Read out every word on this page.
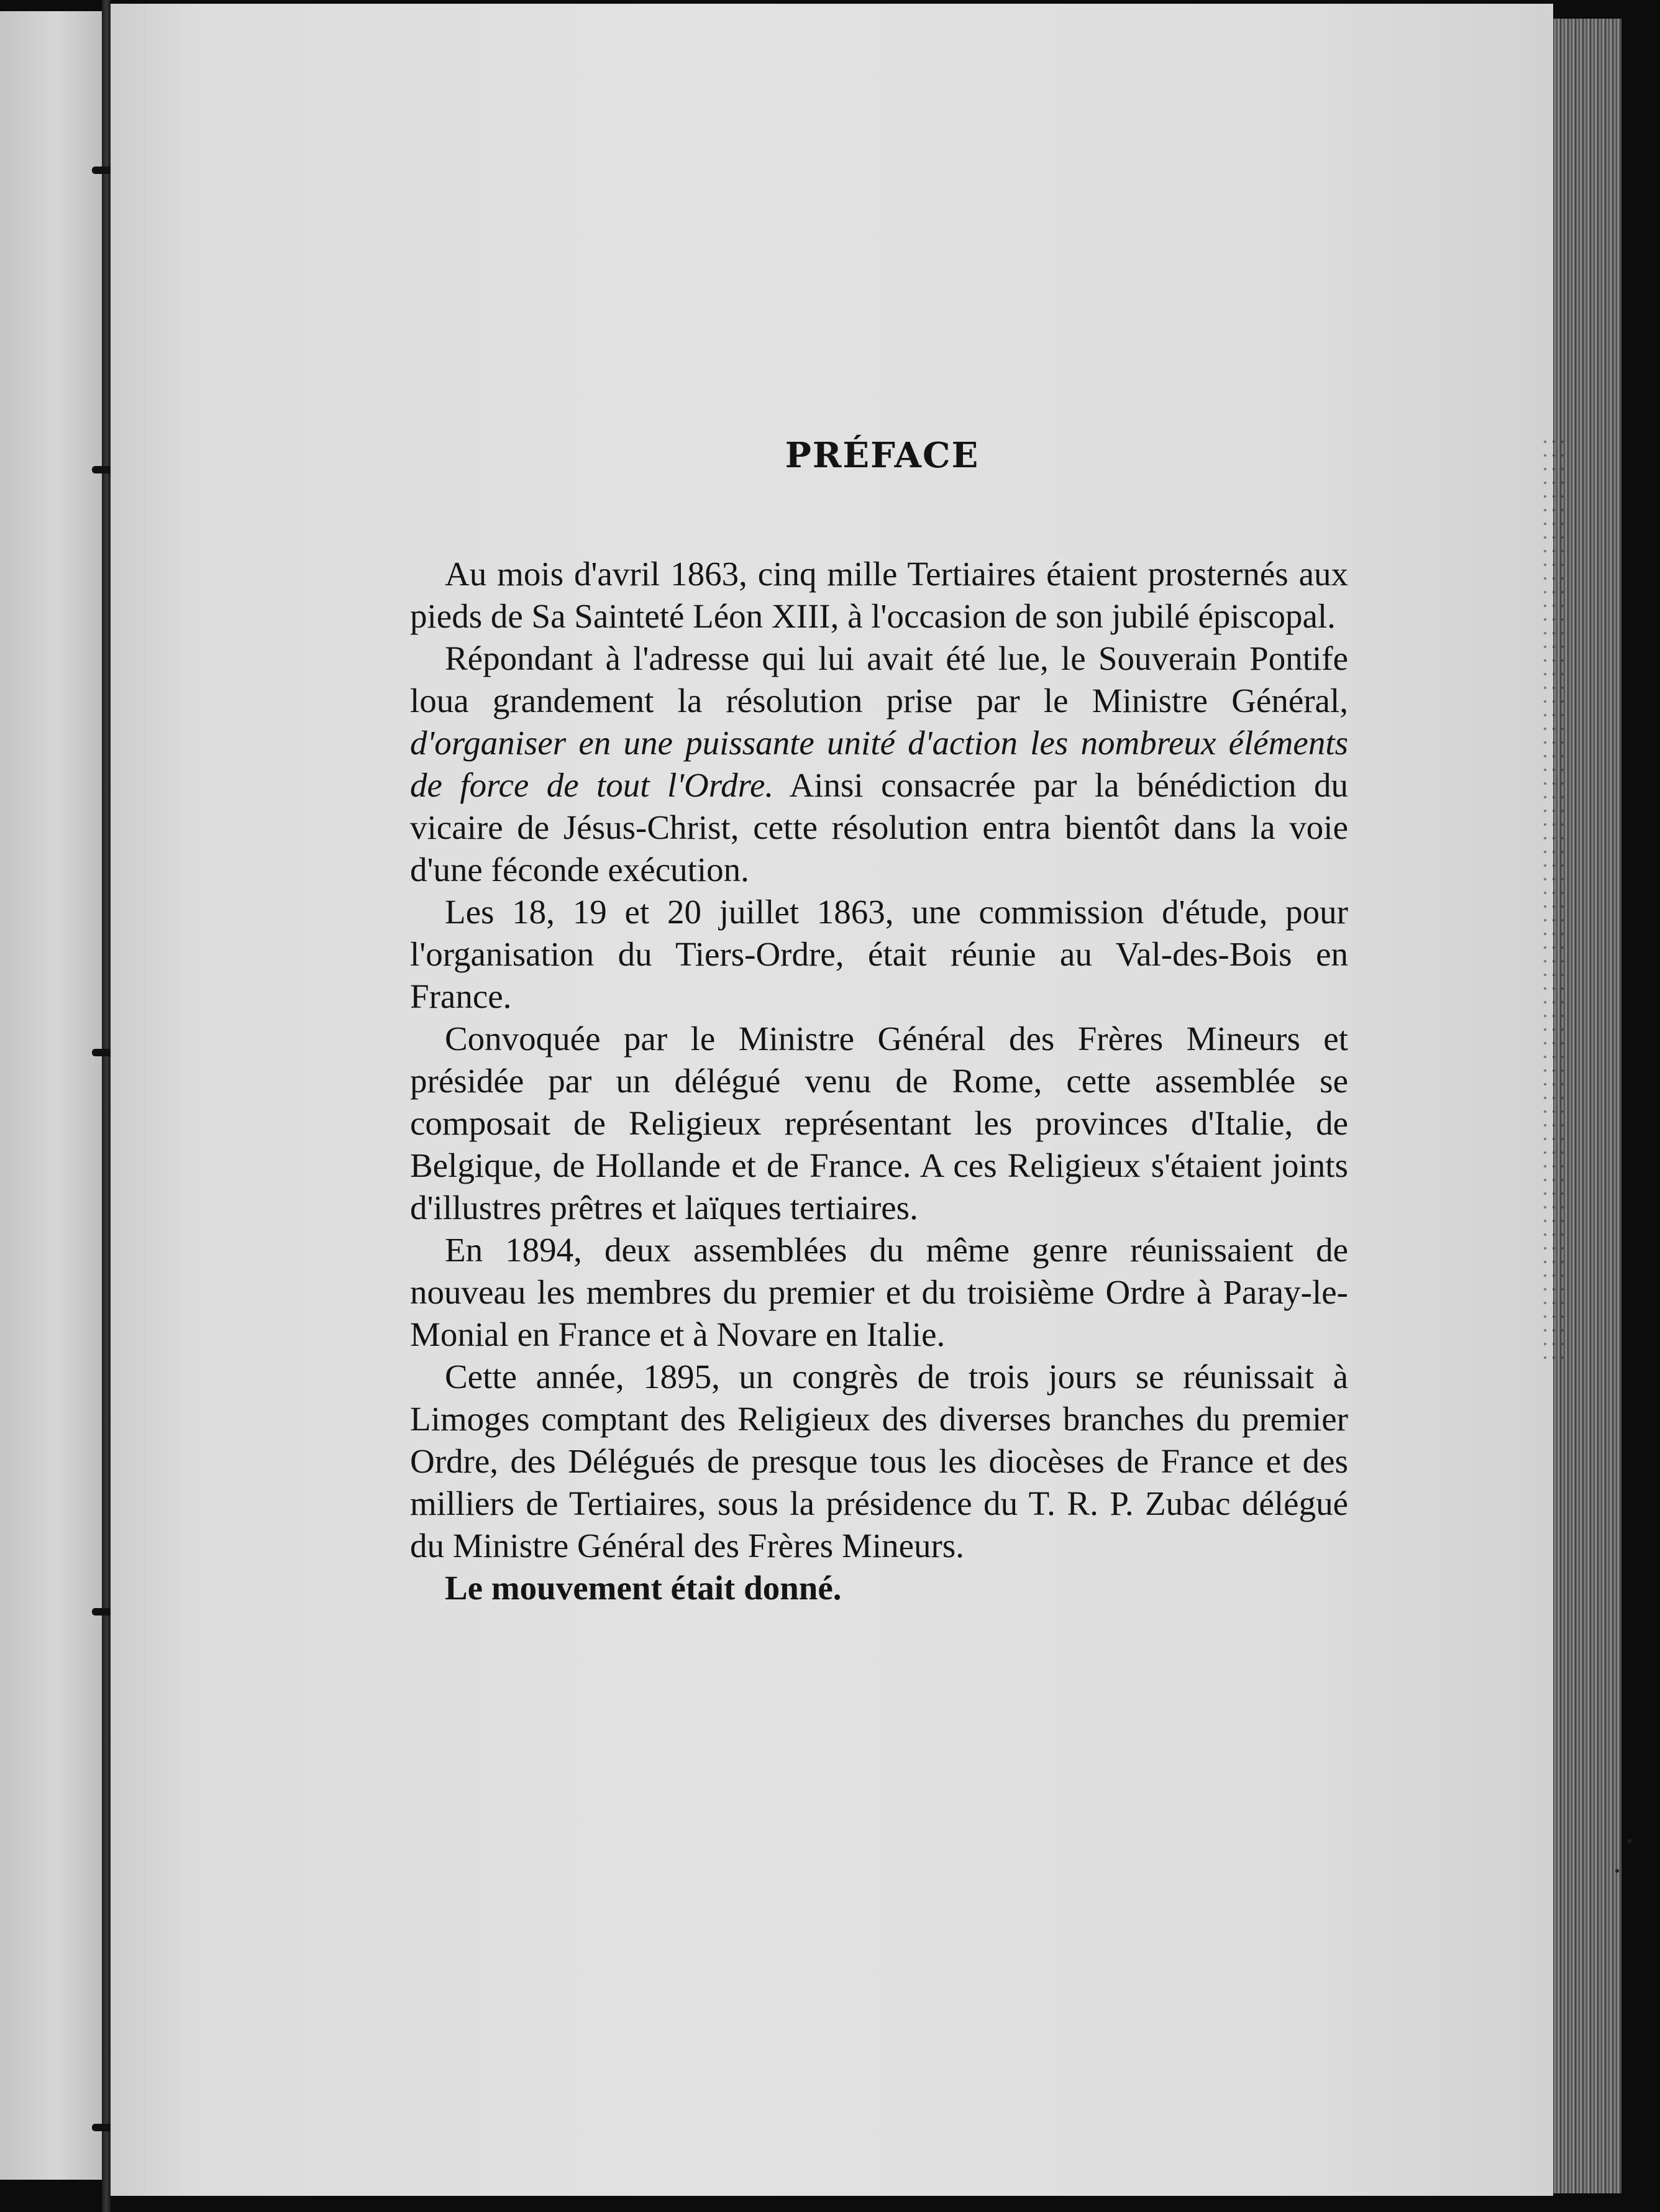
PRÉFACE

Au mois d'avril 1863, cinq mille Tertiaires étaient prosternés aux pieds de Sa Sainteté Léon XIII, à l'occasion de son jubilé épiscopal.

Répondant à l'adresse qui lui avait été lue, le Souverain Pontife loua grandement la résolution prise par le Ministre Général, d'organiser en une puissante unité d'action les nombreux éléments de force de tout l'Ordre. Ainsi consacrée par la bénédiction du vicaire de Jésus-Christ, cette résolution entra bientôt dans la voie d'une féconde exécution.

Les 18, 19 et 20 juillet 1863, une commission d'étude, pour l'organisation du Tiers-Ordre, était réunie au Val-des-Bois en France.

Convoquée par le Ministre Général des Frères Mineurs et présidée par un délégué venu de Rome, cette assemblée se composait de Religieux représentant les provinces d'Italie, de Belgique, de Hollande et de France. A ces Religieux s'étaient joints d'illustres prêtres et laïques tertiaires.

En 1894, deux assemblées du même genre réunissaient de nouveau les membres du premier et du troisième Ordre à Paray-le-Monial en France et à Novare en Italie.

Cette année, 1895, un congrès de trois jours se réunissait à Limoges comptant des Religieux des diverses branches du premier Ordre, des Délégués de presque tous les diocèses de France et des milliers de Tertiaires, sous la présidence du T. R. P. Zubac délégué du Ministre Général des Frères Mineurs.

Le mouvement était donné.
